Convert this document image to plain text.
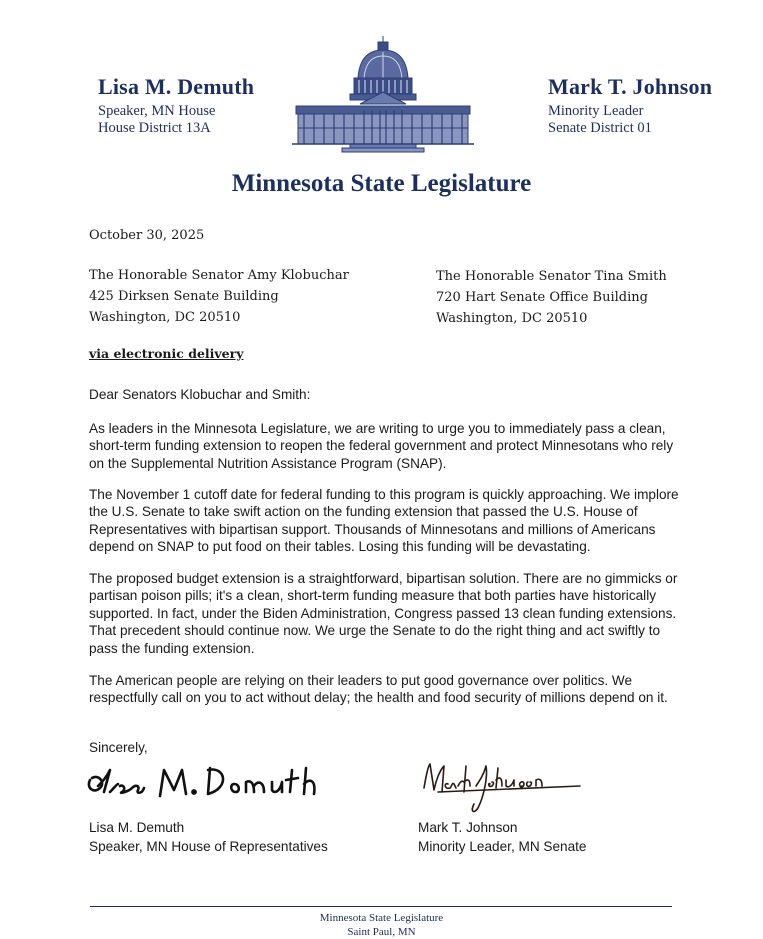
Lisa M. Demuth
Speaker, MN House
House District 13A
Mark T. Johnson
Minority Leader
Senate District 01
Minnesota State Legislature
October 30, 2025
The Honorable Senator Amy Klobuchar
425 Dirksen Senate Building
Washington, DC 20510
The Honorable Senator Tina Smith
720 Hart Senate Office Building
Washington, DC 20510
via electronic delivery

Dear Senators Klobuchar and Smith:

As leaders in the Minnesota Legislature, we are writing to urge you to immediately pass a clean, short-term funding extension to reopen the federal government and protect Minnesotans who rely on the Supplemental Nutrition Assistance Program (SNAP).

The November 1 cutoff date for federal funding to this program is quickly approaching. We implore the U.S. Senate to take swift action on the funding extension that passed the U.S. House of Representatives with bipartisan support. Thousands of Minnesotans and millions of Americans depend on SNAP to put food on their tables. Losing this funding will be devastating.

The proposed budget extension is a straightforward, bipartisan solution. There are no gimmicks or partisan poison pills; it's a clean, short-term funding measure that both parties have historically supported. In fact, under the Biden Administration, Congress passed 13 clean funding extensions. That precedent should continue now. We urge the Senate to do the right thing and act swiftly to pass the funding extension.

The American people are relying on their leaders to put good governance over politics. We respectfully call on you to act without delay; the health and food security of millions depend on it.

Sincerely,

Lisa M. Demuth
Speaker, MN House of Representatives
Mark T. Johnson
Minority Leader, MN Senate
Minnesota State Legislature
Saint Paul, MN
